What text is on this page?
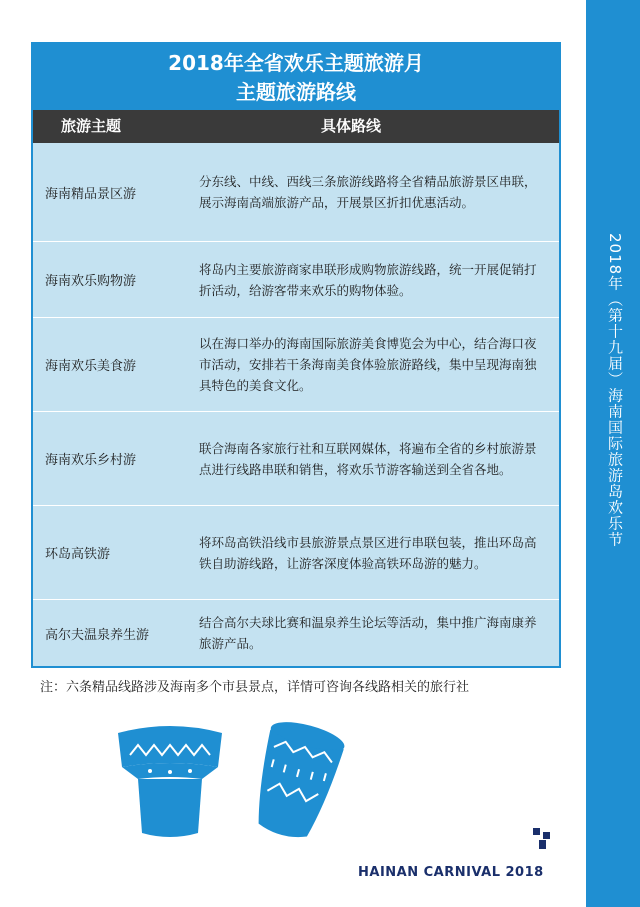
2018年（第十九届）海南国际旅游岛欢乐节
2018年全省欢乐主题旅游月
主题旅游路线
旅游主题	具体路线
海南精品景区游
分东线、中线、西线三条旅游线路将全省精品旅游景区串联，展示海南高端旅游产品，开展景区折扣优惠活动。
海南欢乐购物游
将岛内主要旅游商家串联形成购物旅游线路，统一开展促销打折活动，给游客带来欢乐的购物体验。
海南欢乐美食游
以在海口举办的海南国际旅游美食博览会为中心，结合海口夜市活动，安排若干条海南美食体验旅游路线，集中呈现海南独具特色的美食文化。
海南欢乐乡村游
联合海南各家旅行社和互联网媒体，将遍布全省的乡村旅游景点进行线路串联和销售，将欢乐节游客输送到全省各地。
环岛高铁游
将环岛高铁沿线市县旅游景点景区进行串联包装，推出环岛高铁自助游线路，让游客深度体验高铁环岛游的魅力。
高尔夫温泉养生游
结合高尔夫球比赛和温泉养生论坛等活动，集中推广海南康养旅游产品。
注：六条精品线路涉及海南多个市县景点，详情可咨询各线路相关的旅行社
HAINAN CARNIVAL 2018
